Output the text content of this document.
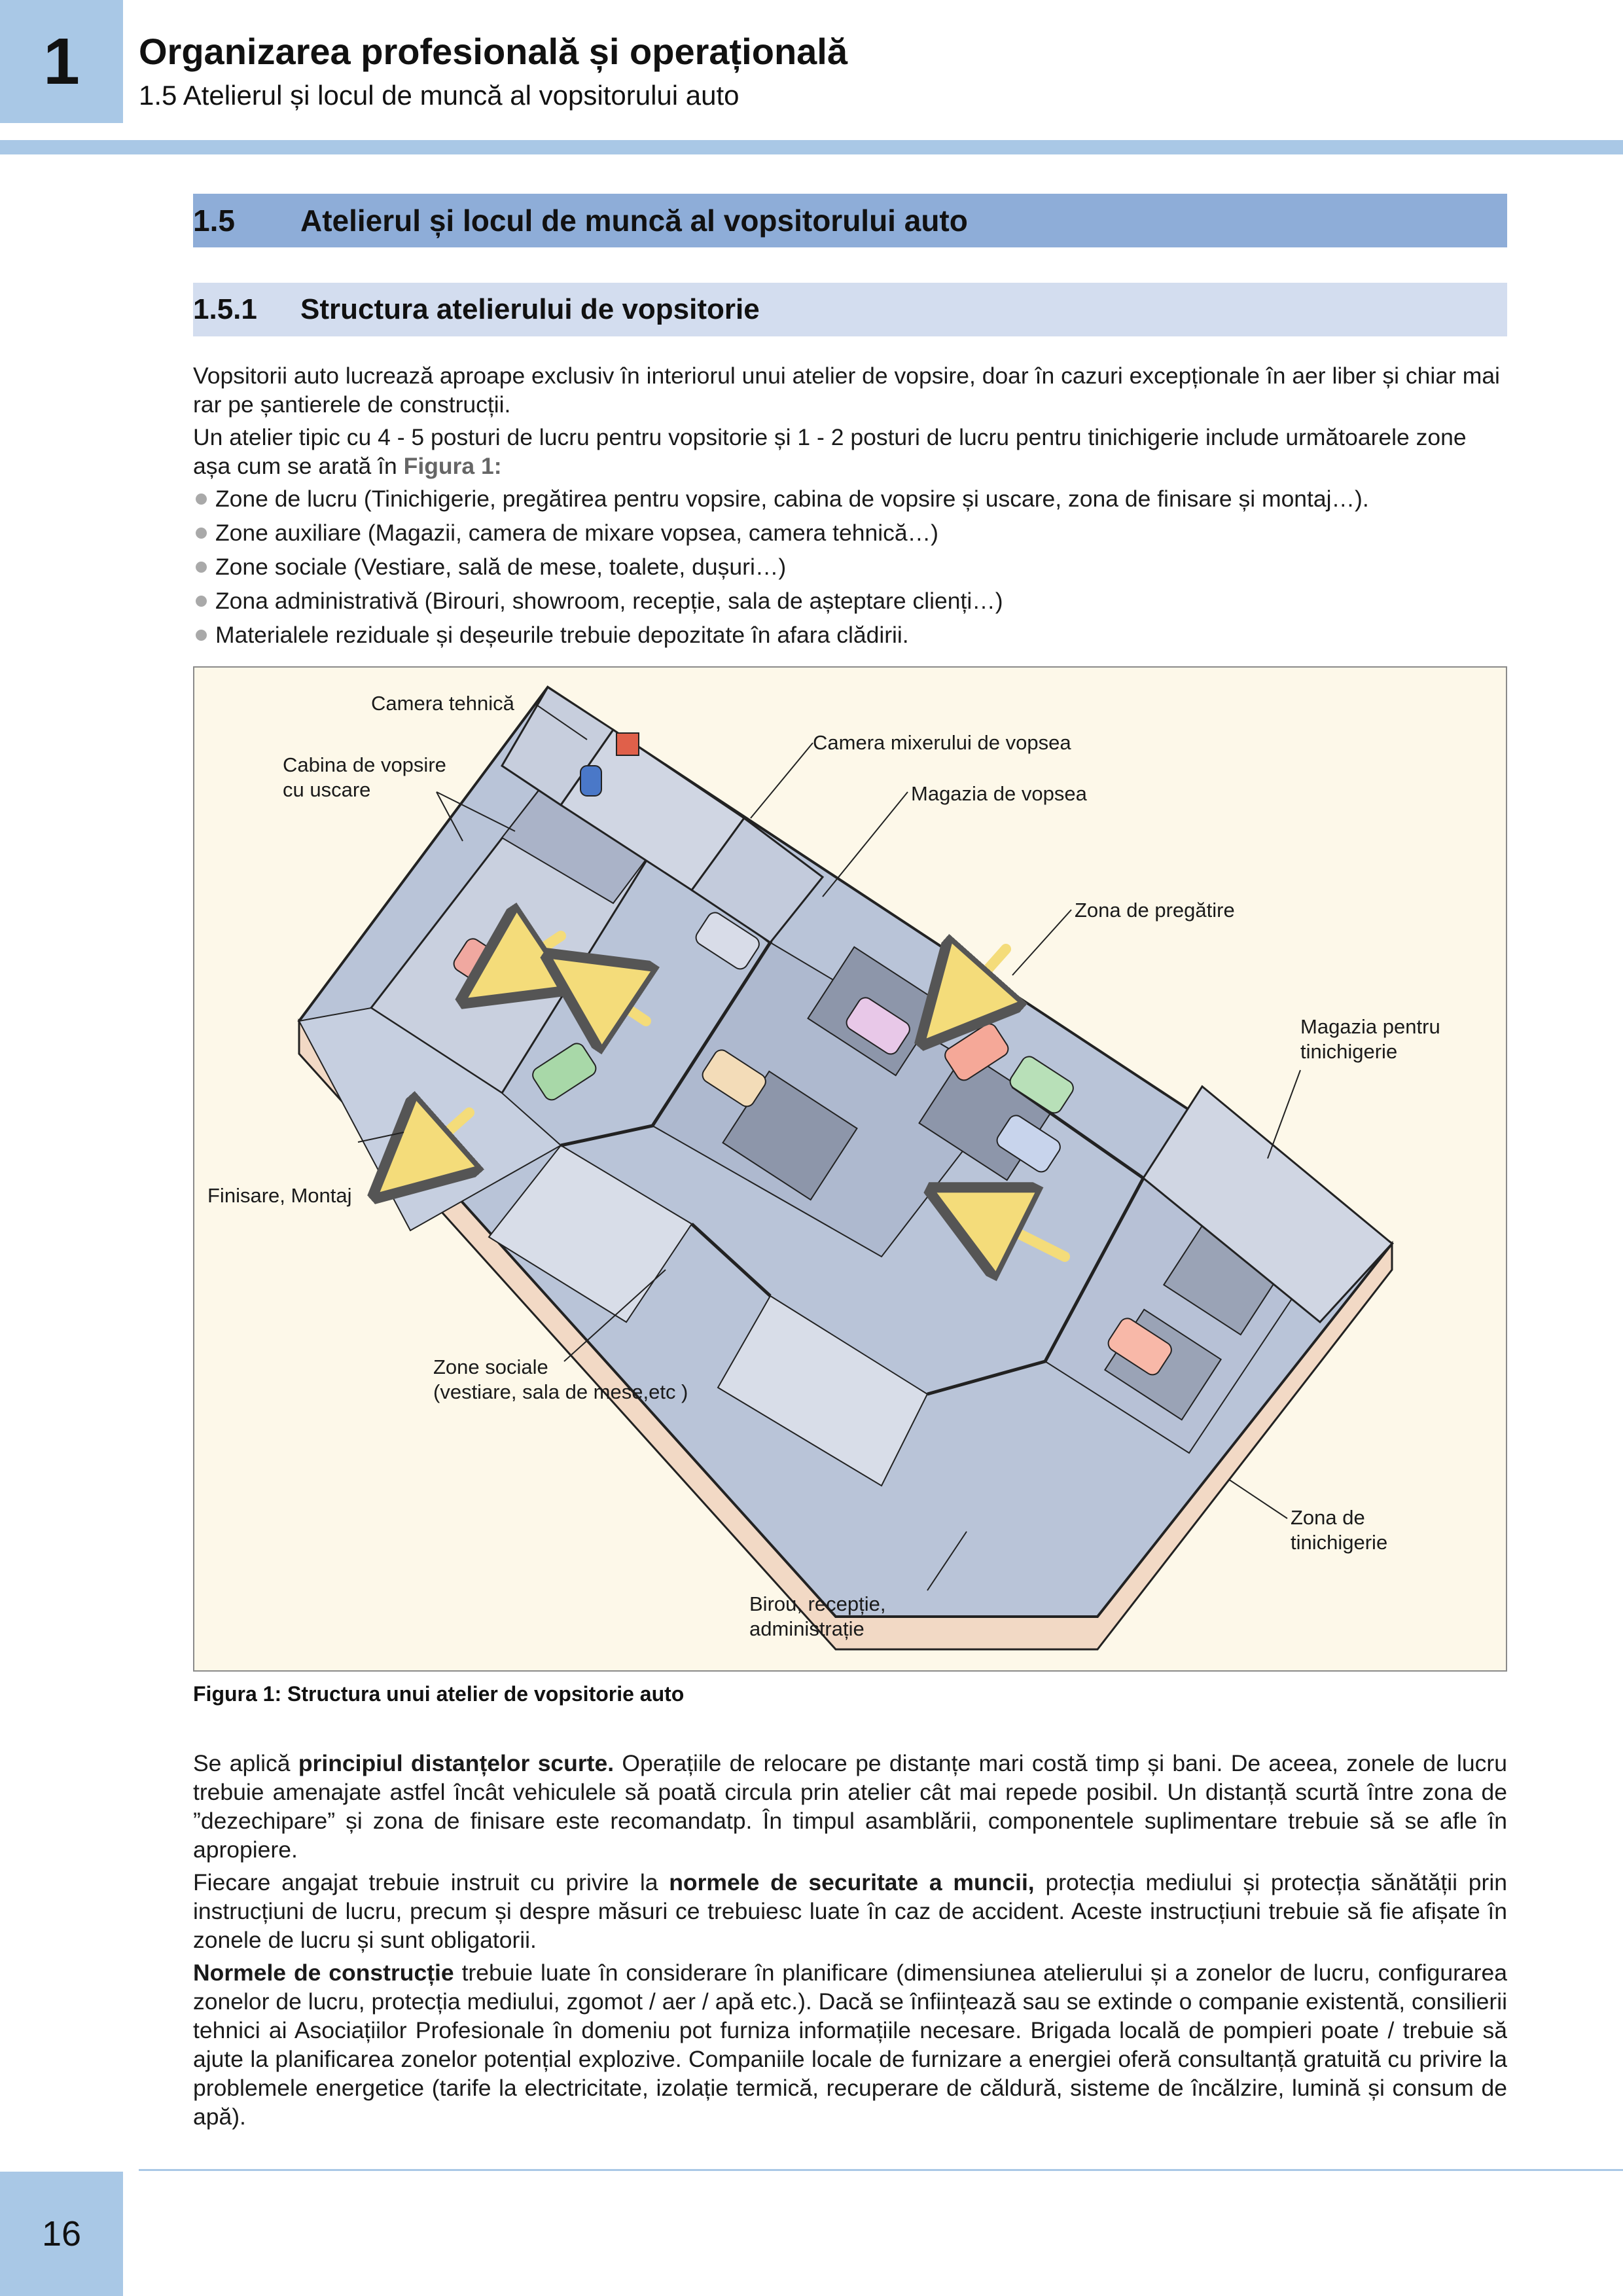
1 Organizarea profesională și operațională
1.5 Atelierul și locul de muncă al vopsitorului auto
1.5	Atelierul și locul de muncă al vopsitorului auto
1.5.1	Structura atelierului de vopsitorie

Vopsitorii auto lucrează aproape exclusiv în interiorul unui atelier de vopsire, doar în cazuri excepționale în aer liber și chiar mai rar pe șantierele de construcții.

Un atelier tipic cu 4 - 5 posturi de lucru pentru vopsitorie și 1 - 2 posturi de lucru pentru tinichigerie include următoarele zone așa cum se arată în Figura 1:

Zone de lucru (Tinichigerie, pregătirea pentru vopsire, cabina de vopsire și uscare, zona de finisare și montaj…).
Zone auxiliare (Magazii, camera de mixare vopsea, camera tehnică…)
Zone sociale (Vestiare, sală de mese, toalete, dușuri…)
Zona administrativă (Birouri, showroom, recepție, sala de așteptare clienți…)
Materialele reziduale și deșeurile trebuie depozitate în afara clădirii.
Camera tehnică
Cabina de vopsire
cu uscare
Camera mixerului de vopsea
Magazia de vopsea
Zona de pregătire
Magazia pentru
tinichigerie
Finisare, Montaj
Zone sociale
(vestiare, sala de mese,etc )
Zona de
tinichigerie
Birou, recepție,
administrație
Figura 1: Structura unui atelier de vopsitorie auto

Se aplică principiul distanțelor scurte. Operațiile de relocare pe distanțe mari costă timp și bani. De aceea, zonele de lucru trebuie amenajate astfel încât vehiculele să poată circula prin atelier cât mai repede posibil. Un distanță scurtă între zona de ”dezechipare” și zona de finisare este recomandatp. În timpul asamblării, componentele suplimentare trebuie să se afle în apropiere.

Fiecare angajat trebuie instruit cu privire la normele de securitate a muncii, protecția mediului și protecția sănătății prin instrucțiuni de lucru, precum și despre măsuri ce trebuiesc luate în caz de accident. Aceste instrucțiuni trebuie să fie afișate în zonele de lucru și sunt obligatorii.

Normele de construcție trebuie luate în considerare în planificare (dimensiunea atelierului și a zonelor de lucru, configurarea zonelor de lucru, protecția mediului, zgomot / aer / apă etc.). Dacă se înființează sau se extinde o companie existentă, consilierii tehnici ai Asociațiilor Profesionale în domeniu pot furniza informațiile necesare. Brigada locală de pompieri poate / trebuie să ajute la planificarea zonelor potențial explozive. Companiile locale de furnizare a energiei oferă consultanță gratuită cu privire la problemele energetice (tarife la electricitate, izolație termică, recuperare de căldură, sisteme de încălzire, lumină și consum de apă).

16
